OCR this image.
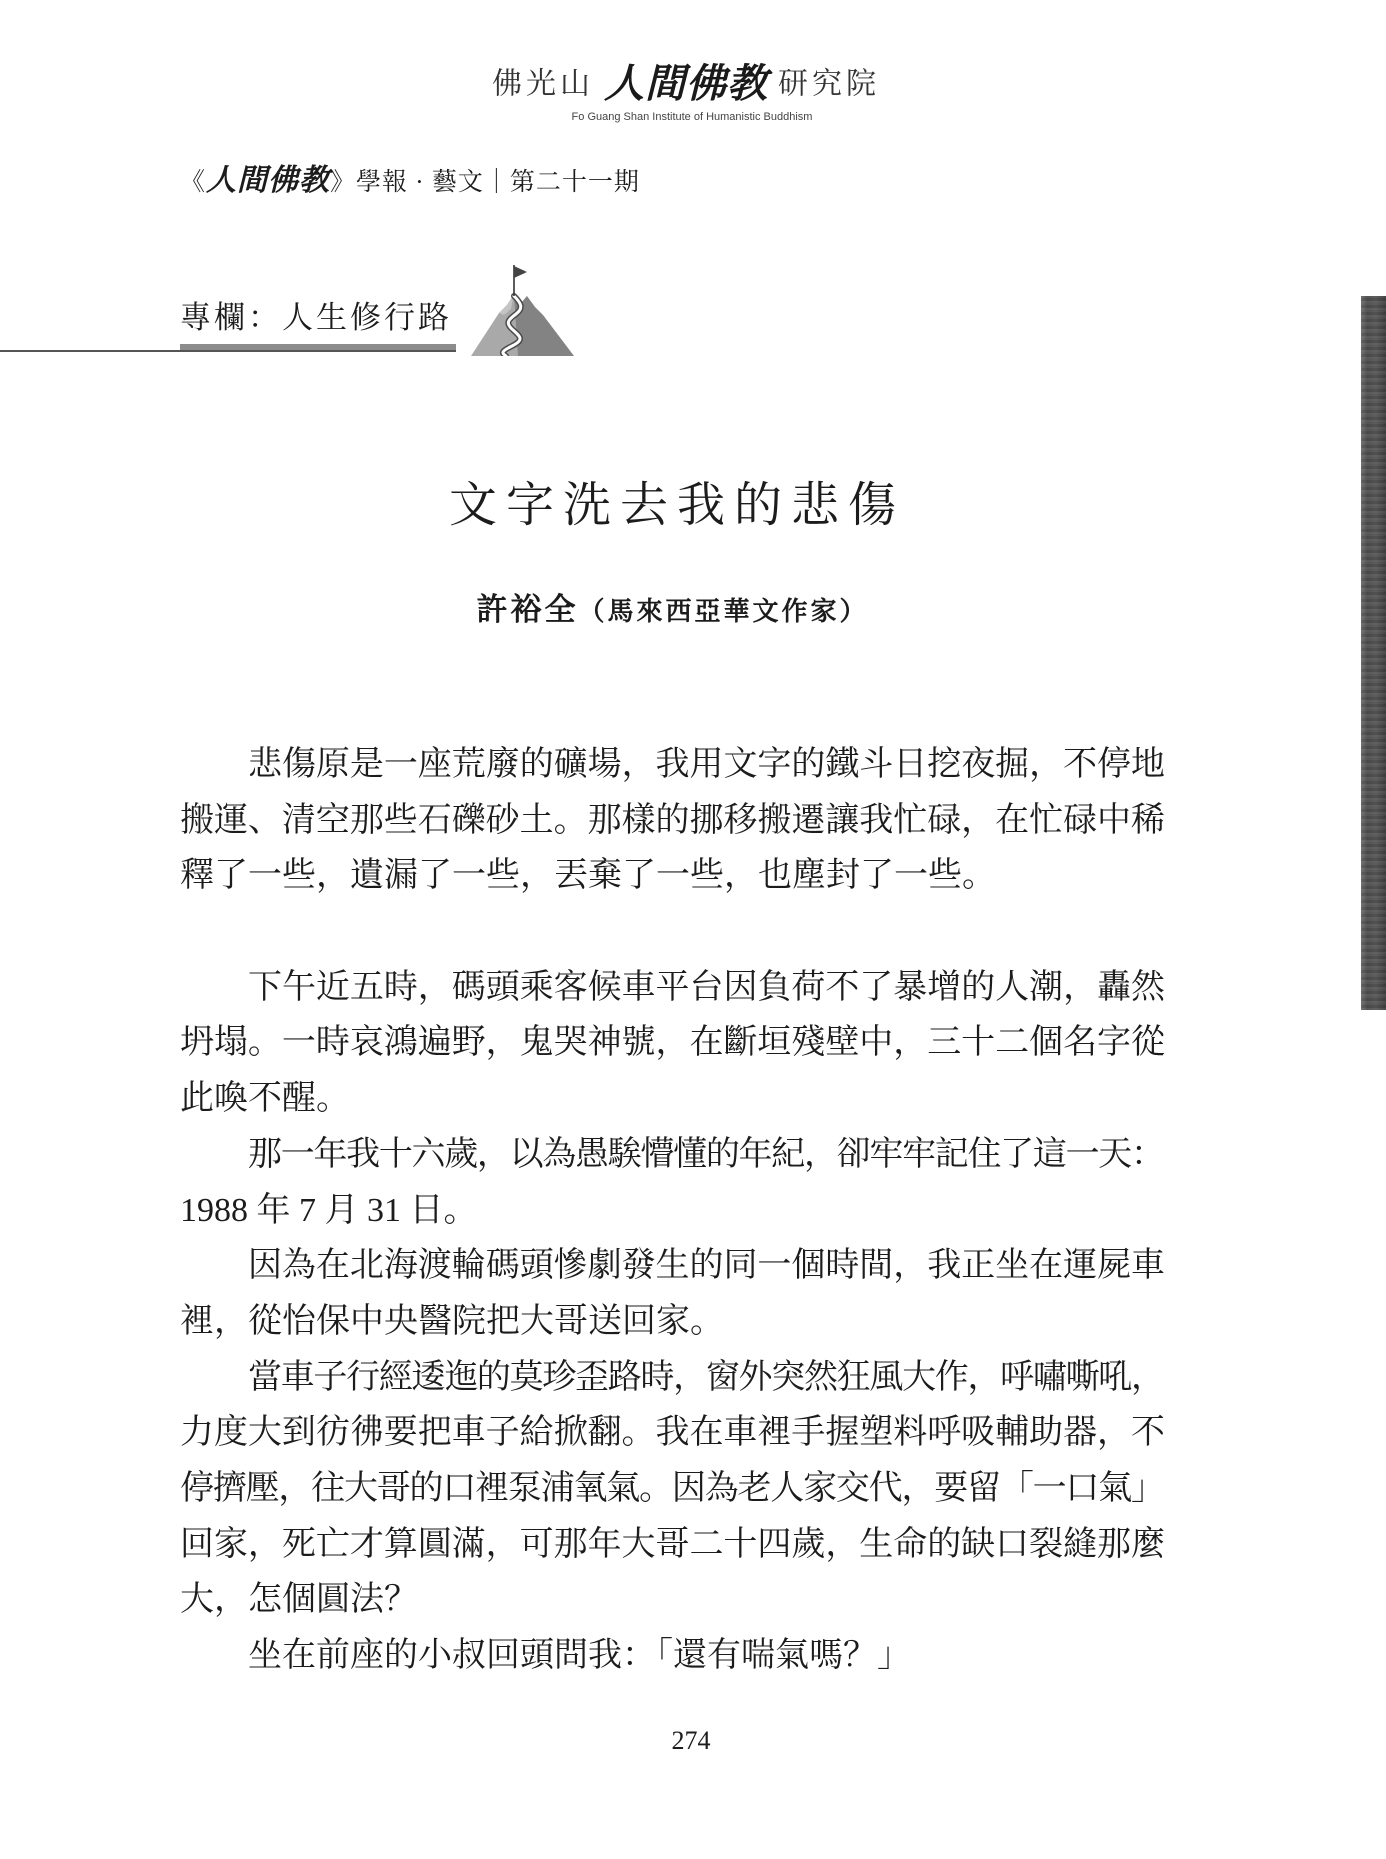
佛光山 人間佛教 研究院
Fo Guang Shan Institute of Humanistic Buddhism
《人間佛教》學報 · 藝文｜第二十一期
專欄：人生修行路
文字洗去我的悲傷
許裕全（馬來西亞華文作家）
悲傷原是一座荒廢的礦場，我用文字的鐵斗日挖夜掘，不停地
搬運、清空那些石礫砂土。那樣的挪移搬遷讓我忙碌，在忙碌中稀
釋了一些，遺漏了一些，丟棄了一些，也塵封了一些。
下午近五時，碼頭乘客候車平台因負荷不了暴增的人潮，轟然
坍塌。一時哀鴻遍野，鬼哭神號，在斷垣殘壁中，三十二個名字從
此喚不醒。
那一年我十六歲，以為愚騃懵懂的年紀，卻牢牢記住了這一天：
1988 年 7 月 31 日。
因為在北海渡輪碼頭慘劇發生的同一個時間，我正坐在運屍車
裡，從怡保中央醫院把大哥送回家。
當車子行經逶迤的莫珍歪路時，窗外突然狂風大作，呼嘯嘶吼，
力度大到彷彿要把車子給掀翻。我在車裡手握塑料呼吸輔助器，不
停擠壓，往大哥的口裡泵浦氧氣。因為老人家交代，要留「一口氣」
回家，死亡才算圓滿，可那年大哥二十四歲，生命的缺口裂縫那麼
大，怎個圓法？
坐在前座的小叔回頭問我：「還有喘氣嗎？」
274
